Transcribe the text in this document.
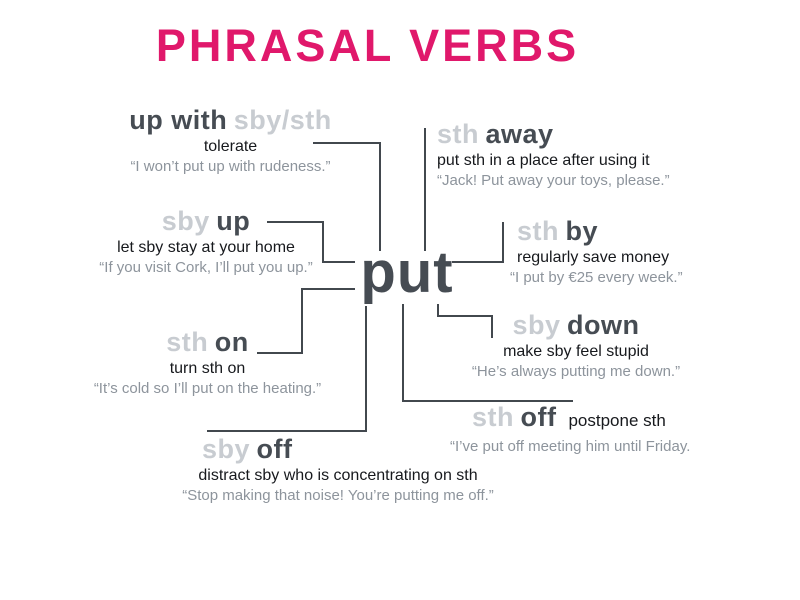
PHRASAL VERBS
put
up with sby/sth
tolerate
“I won’t put up with rudeness.”
sth away
put sth in a place after using it
“Jack! Put away your toys, please.”
sby up
let sby stay at your home
“If you visit Cork, I’ll put you up.”
sth by
regularly save money
“I put by €25 every week.”
sth on
turn sth on
“It’s cold so I’ll put on the heating.”
sby down
make sby feel stupid
“He’s always putting me down.”
sth off postpone sth
“I’ve put off meeting him until Friday.
sby off
distract sby who is concentrating on sth
“Stop making that noise! You’re putting me off.”
